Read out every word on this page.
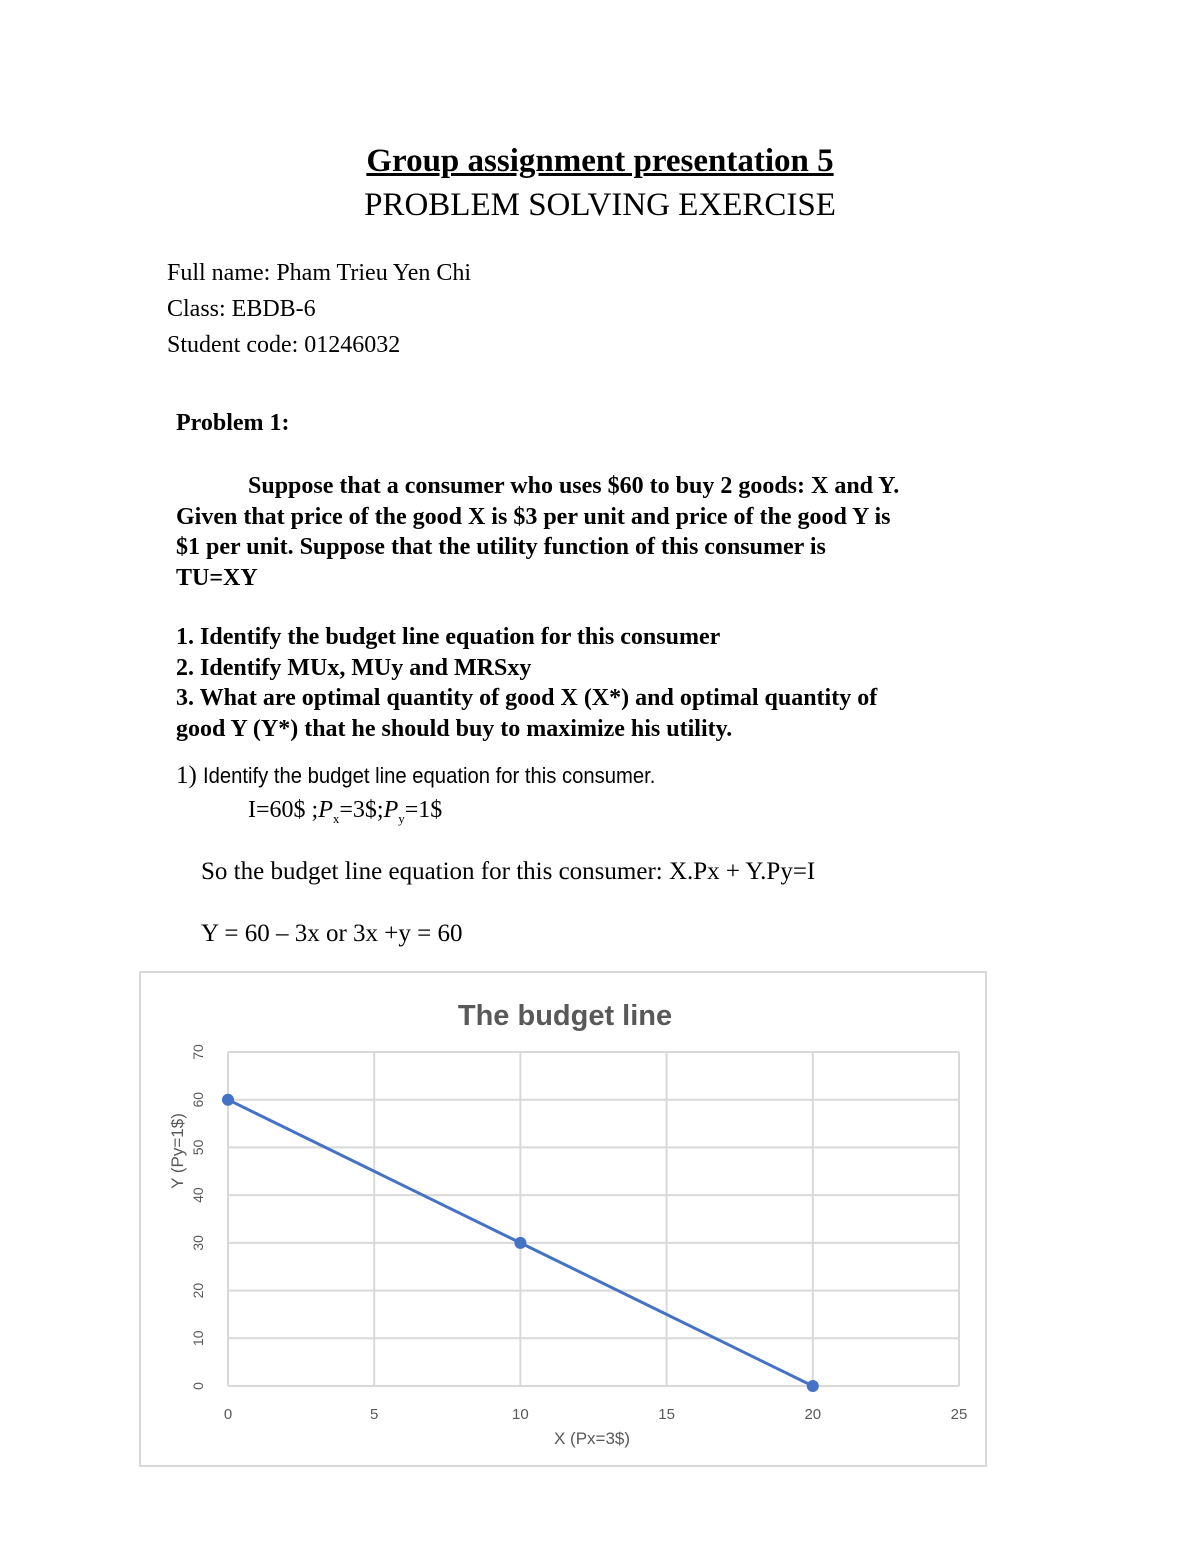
Group assignment presentation 5
PROBLEM SOLVING EXERCISE
Full name: Pham Trieu Yen Chi
Class: EBDB-6
Student code: 01246032
Problem 1:
Suppose that a consumer who uses $60 to buy 2 goods: X and Y.
Given that price of the good X is $3 per unit and price of the good Y is
$1 per unit. Suppose that the utility function of this consumer is
TU=XY
1. Identify the budget line equation for this consumer
2. Identify MUx, MUy and MRSxy
3. What are optimal quantity of good X (X*) and optimal quantity of
good Y (Y*) that he should buy to maximize his utility.
1) Identify the budget line equation for this consumer.
I=60$ $;P_x=3\$;P_y=1\$$
So the budget line equation for this consumer: X.Px + Y.Py=I
Y = 60 – 3x or 3x +y = 60
The budget line
0
10
20
30
40
50
60
70
0	5	10	15	20	25
X (Px=3$)
Y (Py=1$)
